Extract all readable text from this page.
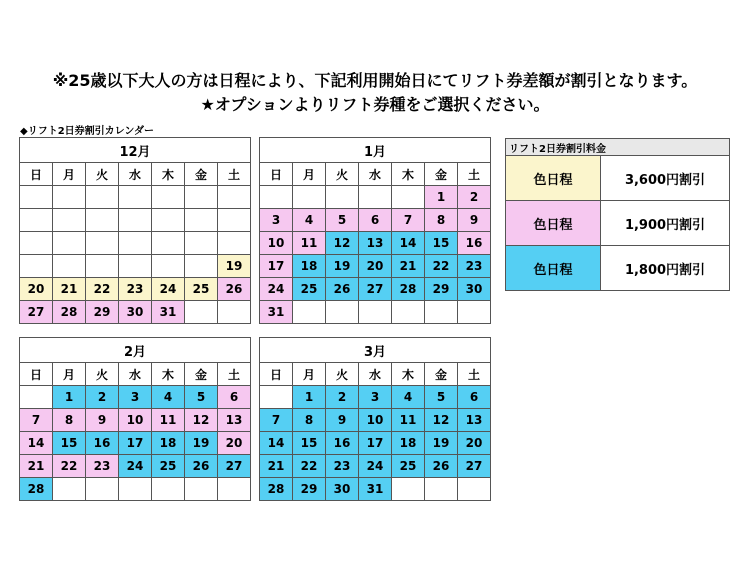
※25歳以下大人の方は日程により、下記利用開始日にてリフト券差額が割引となります。
★オプションよりリフト券種をご選択ください。
◆リフト2日券割引カレンダー
12月						
日	月	火	水	木	金	土

						19
20	21	22	23	24	25	26
27	28	29	30	31		
1月						
日	月	火	水	木	金	土
					1	2
3	4	5	6	7	8	9
10	11	12	13	14	15	16
17	18	19	20	21	22	23
24	25	26	27	28	29	30
31						
2月						
日	月	火	水	木	金	土
	1	2	3	4	5	6
7	8	9	10	11	12	13
14	15	16	17	18	19	20
21	22	23	24	25	26	27
28						
3月						
日	月	火	水	木	金	土
	1	2	3	4	5	6
7	8	9	10	11	12	13
14	15	16	17	18	19	20
21	22	23	24	25	26	27
28	29	30	31			
リフト2日券割引料金	
色日程	3,600円割引
色日程	1,900円割引
色日程	1,800円割引
